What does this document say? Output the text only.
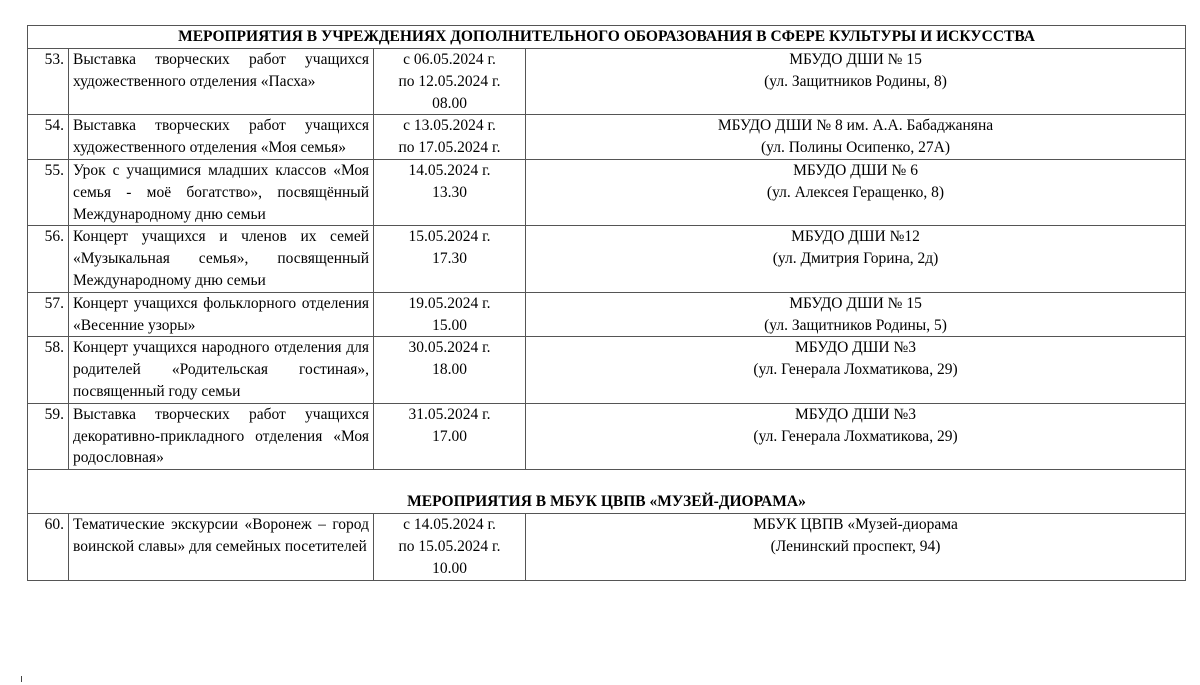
МЕРОПРИЯТИЯ В УЧРЕЖДЕНИЯХ ДОПОЛНИТЕЛЬНОГО ОБОРАЗОВАНИЯ В СФЕРЕ КУЛЬТУРЫ И ИСКУССТВА			
53.	Выставка творческих работ учащихся художественного отделения «Пасха»	с 06.05.2024 г.
по 12.05.2024 г.
08.00	МБУДО ДШИ № 15
(ул. Защитников Родины, 8)

54.	Выставка творческих работ учащихся художественного отделения «Моя семья»	с 13.05.2024 г.
по 17.05.2024 г.	МБУДО ДШИ № 8 им. А.А. Бабаджаняна
(ул. Полины Осипенко, 27А)

55.	Урок с учащимися младших классов «Моя семья - моё богатство», посвящённый Международному дню семьи	14.05.2024 г.
13.30	МБУДО ДШИ № 6
(ул. Алексея Геращенко, 8)

56.	Концерт учащихся и членов их семей «Музыкальная семья», посвященный Международному дню семьи	15.05.2024 г.
17.30	МБУДО ДШИ №12
(ул. Дмитрия Горина, 2д)

57.	Концерт учащихся фольклорного отделения «Весенние узоры»	19.05.2024 г.
15.00	МБУДО ДШИ № 15
(ул. Защитников Родины, 5)

58.	Концерт учащихся народного отделения для родителей «Родительская гостиная», посвященный году семьи	30.05.2024 г.
18.00	МБУДО ДШИ №3
(ул. Генерала Лохматикова, 29)

59.	Выставка творческих работ учащихся декоративно-прикладного отделения «Моя родословная»	31.05.2024 г.
17.00	МБУДО ДШИ №3
(ул. Генерала Лохматикова, 29)

МЕРОПРИЯТИЯ В МБУК ЦВПВ «МУЗЕЙ-ДИОРАМА»			
60.	Тематические экскурсии «Воронеж – город воинской славы» для семейных посетителей	с 14.05.2024 г.
по 15.05.2024 г.
10.00	МБУК ЦВПВ «Музей-диорама
(Ленинский проспект, 94)
